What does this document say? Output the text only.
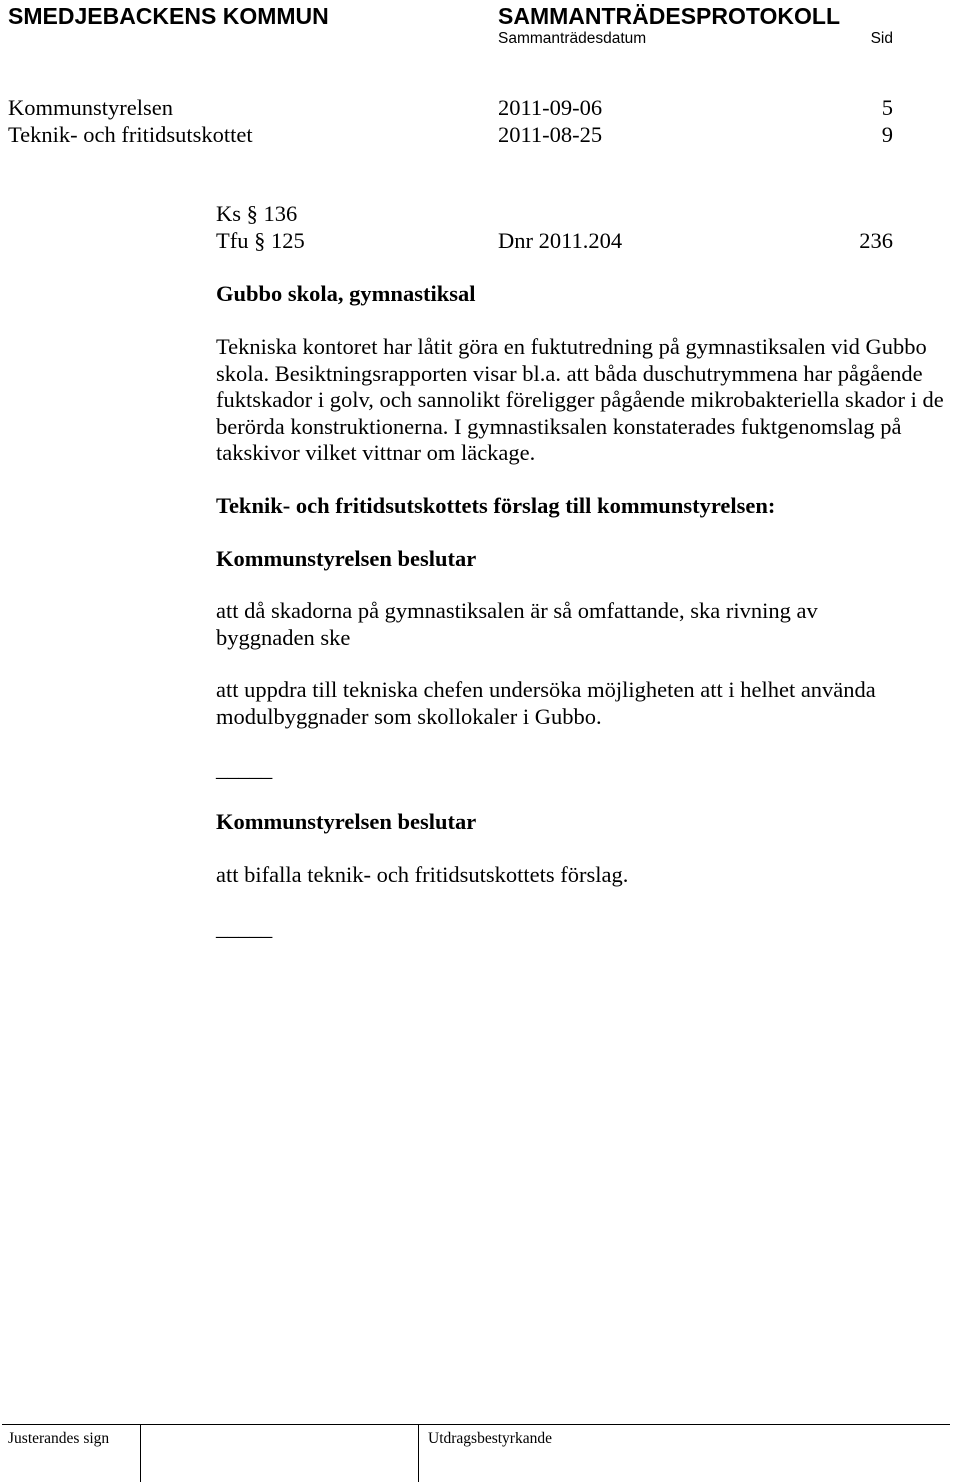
SMEDJEBACKENS KOMMUN	SAMMANTRÄDESPROTOKOLL
Sammanträdesdatum	Sid
Kommunstyrelsen	2011-09-06	5
Teknik- och fritidsutskottet	2011-08-25	9
Ks § 136
Tfu § 125	Dnr 2011.204	236
Gubbo skola, gymnastiksal
Tekniska kontoret har låtit göra en fuktutredning på gymnastiksalen vid Gubbo
skola. Besiktningsrapporten visar bl.a. att båda duschutrymmena har pågående
fuktskador i golv, och sannolikt föreligger pågående mikrobakteriella skador i de
berörda konstruktionerna. I gymnastiksalen konstaterades fuktgenomslag på
takskivor vilket vittnar om läckage.
Teknik- och fritidsutskottets förslag till kommunstyrelsen:
Kommunstyrelsen beslutar
att då skadorna på gymnastiksalen är så omfattande, ska rivning av
byggnaden ske
att uppdra till tekniska chefen undersöka möjligheten att i helhet använda
modulbyggnader som skollokaler i Gubbo.
_____
Kommunstyrelsen beslutar
att bifalla teknik- och fritidsutskottets förslag.
_____
Justerandes sign	Utdragsbestyrkande
